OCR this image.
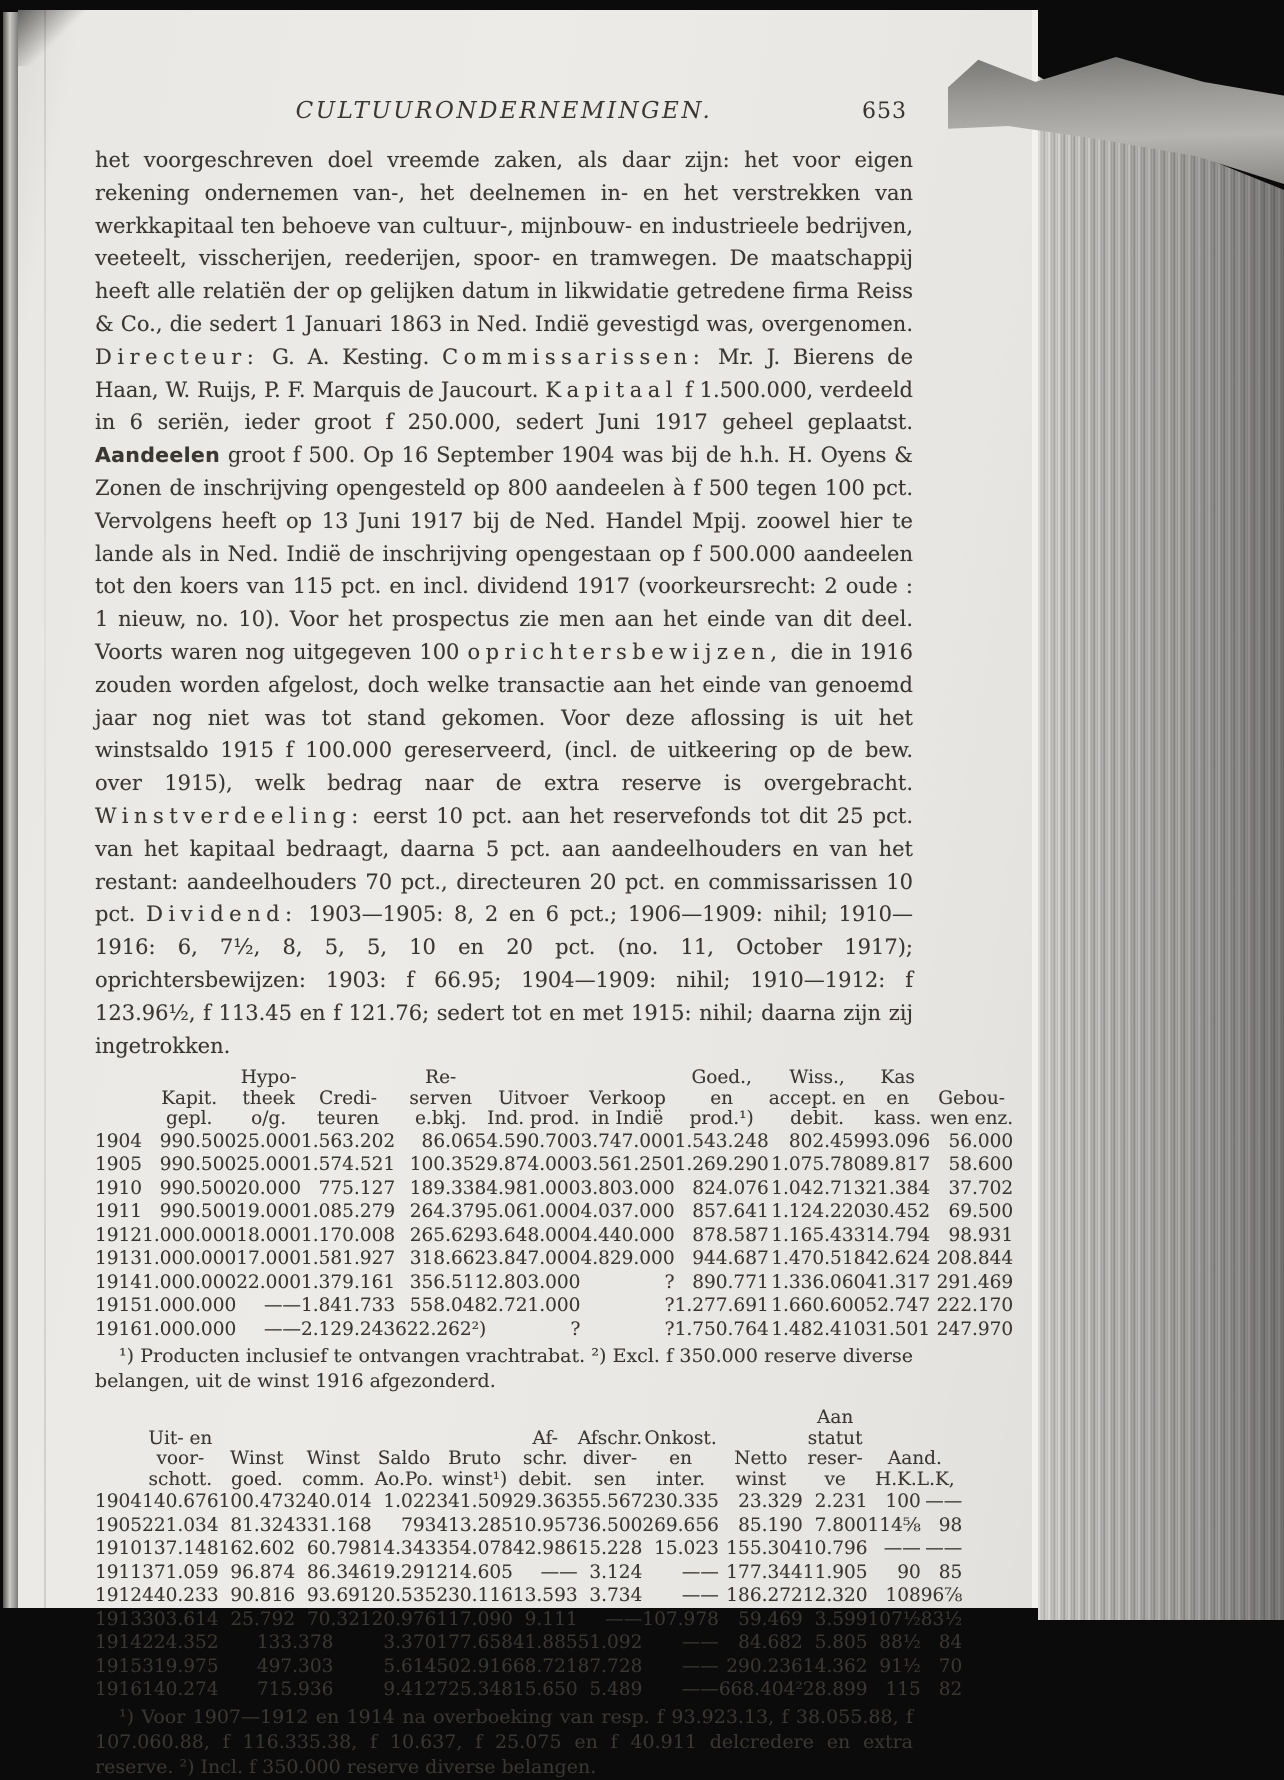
CULTUURONDERNEMINGEN.	653

het voorgeschreven doel vreemde zaken, als daar zijn: het voor eigen rekening ondernemen van-, het deelnemen in- en het verstrekken van werkkapitaal ten behoeve van cultuur-, mijnbouw- en industrieele bedrijven, veeteelt, visscherijen, reederijen, spoor- en tramwegen. De maatschappij heeft alle relatiën der op gelijken datum in likwidatie getredene firma Reiss & Co., die sedert 1 Januari 1863 in Ned. Indië gevestigd was, overgenomen. Directeur: G. A. Kesting. Commissarissen: Mr. J. Bierens de Haan, W. Ruijs, P. F. Marquis de Jaucourt. Kapitaal f 1.500.000, verdeeld in 6 seriën, ieder groot f 250.000, sedert Juni 1917 geheel geplaatst. Aandeelen groot f 500. Op 16 September 1904 was bij de h.h. H. Oyens & Zonen de inschrijving opengesteld op 800 aandeelen à f 500 tegen 100 pct. Vervolgens heeft op 13 Juni 1917 bij de Ned. Handel Mpij. zoowel hier te lande als in Ned. Indië de inschrijving opengestaan op f 500.000 aandeelen tot den koers van 115 pct. en incl. dividend 1917 (voorkeursrecht: 2 oude : 1 nieuw, no. 10). Voor het prospectus zie men aan het einde van dit deel. Voorts waren nog uitgegeven 100 oprichtersbewijzen, die in 1916 zouden worden afgelost, doch welke transactie aan het einde van genoemd jaar nog niet was tot stand gekomen. Voor deze aflossing is uit het winstsaldo 1915 f 100.000 gereserveerd, (incl. de uitkeering op de bew. over 1915), welk bedrag naar de extra reserve is overgebracht. Winstverdeeling: eerst 10 pct. aan het reservefonds tot dit 25 pct. van het kapitaal bedraagt, daarna 5 pct. aan aandeelhouders en van het restant: aandeelhouders 70 pct., directeuren 20 pct. en commissarissen 10 pct. Dividend: 1903—1905: 8, 2 en 6 pct.; 1906—1909: nihil; 1910—1916: 6, 7½, 8, 5, 5, 10 en 20 pct. (no. 11, October 1917); oprichtersbewijzen: 1903: f 66.95; 1904—1909: nihil; 1910—1912: f 123.96½, f 113.45 en f 121.76; sedert tot en met 1915: nihil; daarna zijn zij ingetrokken.

		Hypo-		Re-			Goed.,	Wiss.,	Kas	
	Kapit.	theek	Credi-	serven	Uitvoer	Verkoop	en	accept. en	en	Gebou-
	gepl.	o/g.	teuren	e.bkj.	Ind. prod.	in Indië	prod.¹)	debit.	kass.	wen enz.
1904	990.500	25.000	1.563.202	86.065	4.590.700	3.747.000	1.543.248	802.459	93.096	56.000
1905	990.500	25.000	1.574.521	100.352	9.874.000	3.561.250	1.269.290	1.075.780	89.817	58.600
1910	990.500	20.000	775.127	189.338	4.981.000	3.803.000	824.076	1.042.713	21.384	37.702
1911	990.500	19.000	1.085.279	264.379	5.061.000	4.037.000	857.641	1.124.220	30.452	69.500
1912	1.000.000	18.000	1.170.008	265.629	3.648.000	4.440.000	878.587	1.165.433	14.794	98.931
1913	1.000.000	17.000	1.581.927	318.662	3.847.000	4.829.000	944.687	1.470.518	42.624	208.844
1914	1.000.000	22.000	1.379.161	356.511	2.803.000	?	890.771	1.336.060	41.317	291.469
1915	1.000.000	——	1.841.733	558.048	2.721.000	?	1.277.691	1.660.600	52.747	222.170
1916	1.000.000	——	2.129.243	622.262²)	?	?	1.750.764	1.482.410	31.501	247.970

¹) Producten inclusief te ontvangen vrachtrabat. ²) Excl. f 350.000 reserve diverse belangen, uit de winst 1916 afgezonderd.

										Aan		
	Uit- en					Af-	Afschr.	Onkost.		statut		
	voor-	Winst	Winst	Saldo	Bruto	schr.	diver-	en	Netto	reser-	Aand.	
	schott.	goed.	comm.	Ao.Po.	winst¹)	debit.	sen	inter.	winst	ve	H.K.L.K,	
1904	140.676	100.473	240.014	1.022	341.509	29.363	55.567	230.335	23.329	2.231	100	——
1905	221.034	81.324	331.168	793	413.285	10.957	36.500	269.656	85.190	7.800	114⅝	98
1910	137.148	162.602	60.798	14.343	354.078	42.986	15.228	15.023	155.304	10.796	——	——
1911	371.059	96.874	86.346	19.291	214.605	——	3.124	——	177.344	11.905	90	85
1912	440.233	90.816	93.691	20.535	230.116	13.593	3.734	——	186.272	12.320	108	96⅞
1913	303.614	25.792	70.321	20.976	117.090	9.111	——	107.978	59.469	3.599	107½	83½
1914	224.352	133.378		3.370	177.658	41.885	51.092	——	84.682	5.805	88½	84
1915	319.975	497.303		5.614	502.916	68.721	87.728	——	290.236	14.362	91½	70
1916	140.274	715.936		9.412	725.348	15.650	5.489	——	668.404²	28.899	115	82

¹) Voor 1907—1912 en 1914 na overboeking van resp. f 93.923.13, f 38.055.88, f 107.060.88, f 116.335.38, f 10.637, f 25.075 en f 40.911 delcredere en extra reserve. ²) Incl. f 350.000 reserve diverse belangen.
